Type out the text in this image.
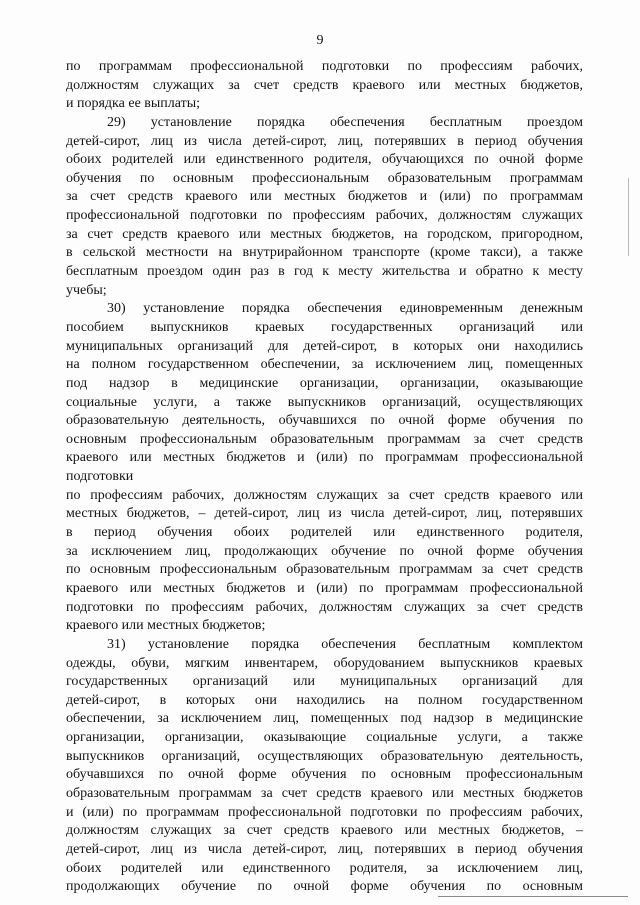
9
по программам профессиональной подготовки по профессиям рабочих,
должностям служащих за счет средств краевого или местных бюджетов,
и порядка ее выплаты;
29) установление порядка обеспечения бесплатным проездом
детей-сирот, лиц из числа детей-сирот, лиц, потерявших в период обучения
обоих родителей или единственного родителя, обучающихся по очной форме
обучения по основным профессиональным образовательным программам
за счет средств краевого или местных бюджетов и (или) по программам
профессиональной подготовки по профессиям рабочих, должностям служащих
за счет средств краевого или местных бюджетов, на городском, пригородном,
в сельской местности на внутрирайонном транспорте (кроме такси), а также
бесплатным проездом один раз в год к месту жительства и обратно к месту
учебы;
30) установление порядка обеспечения единовременным денежным
пособием выпускников краевых государственных организаций или
муниципальных организаций для детей-сирот, в которых они находились
на полном государственном обеспечении, за исключением лиц, помещенных
под надзор в медицинские организации, организации, оказывающие
социальные услуги, а также выпускников организаций, осуществляющих
образовательную деятельность, обучавшихся по очной форме обучения по
основным профессиональным образовательным программам за счет средств
краевого или местных бюджетов и (или) по программам профессиональной
подготовки
по профессиям рабочих, должностям служащих за счет средств краевого или
местных бюджетов, – детей-сирот, лиц из числа детей-сирот, лиц, потерявших
в период обучения обоих родителей или единственного родителя,
за исключением лиц, продолжающих обучение по очной форме обучения
по основным профессиональным образовательным программам за счет средств
краевого или местных бюджетов и (или) по программам профессиональной
подготовки по профессиям рабочих, должностям служащих за счет средств
краевого или местных бюджетов;
31) установление порядка обеспечения бесплатным комплектом
одежды, обуви, мягким инвентарем, оборудованием выпускников краевых
государственных организаций или муниципальных организаций для
детей-сирот, в которых они находились на полном государственном
обеспечении, за исключением лиц, помещенных под надзор в медицинские
организации, организации, оказывающие социальные услуги, а также
выпускников организаций, осуществляющих образовательную деятельность,
обучавшихся по очной форме обучения по основным профессиональным
образовательным программам за счет средств краевого или местных бюджетов
и (или) по программам профессиональной подготовки по профессиям рабочих,
должностям служащих за счет средств краевого или местных бюджетов, –
детей-сирот, лиц из числа детей-сирот, лиц, потерявших в период обучения
обоих родителей или единственного родителя, за исключением лиц,
продолжающих обучение по очной форме обучения по основным
